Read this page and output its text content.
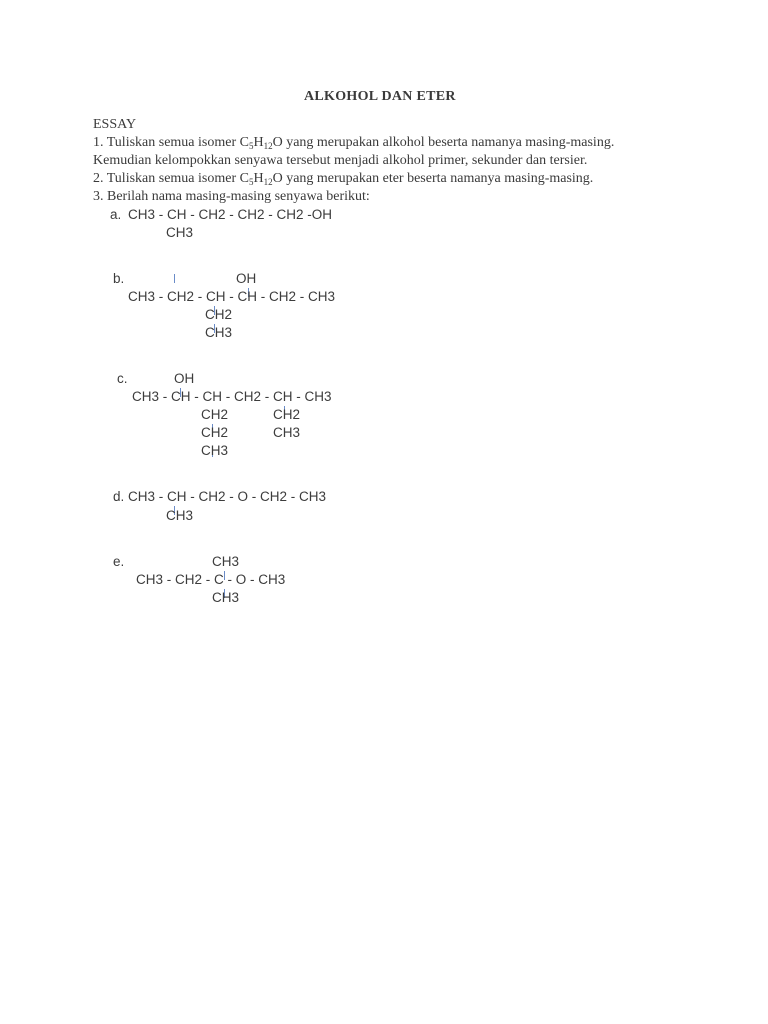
ALKOHOL DAN ETER
ESSAY
1. Tuliskan semua isomer $C_5H_{12}O$ yang merupakan alkohol beserta namanya masing-masing.
Kemudian kelompokkan senyawa tersebut menjadi alkohol primer, sekunder dan tersier.
2. Tuliskan semua isomer $C_5H_{12}O$ yang merupakan eter beserta namanya masing-masing.
3. Berilah nama masing-masing senyawa berikut:
a. CH3 - CH - CH2 - CH2 - CH2 -OH
CH3
b.	OH
CH3 - CH2 - CH - CH - CH2 - CH3
CH2
CH3
c.	OH
CH3 - CH - CH - CH2 - CH - CH3
CH2	CH2
CH2	CH3
CH3
d. CH3 - CH - CH2 - O - CH2 - CH3
CH3
e.	CH3
CH3 - CH2 - C - O - CH3
CH3
